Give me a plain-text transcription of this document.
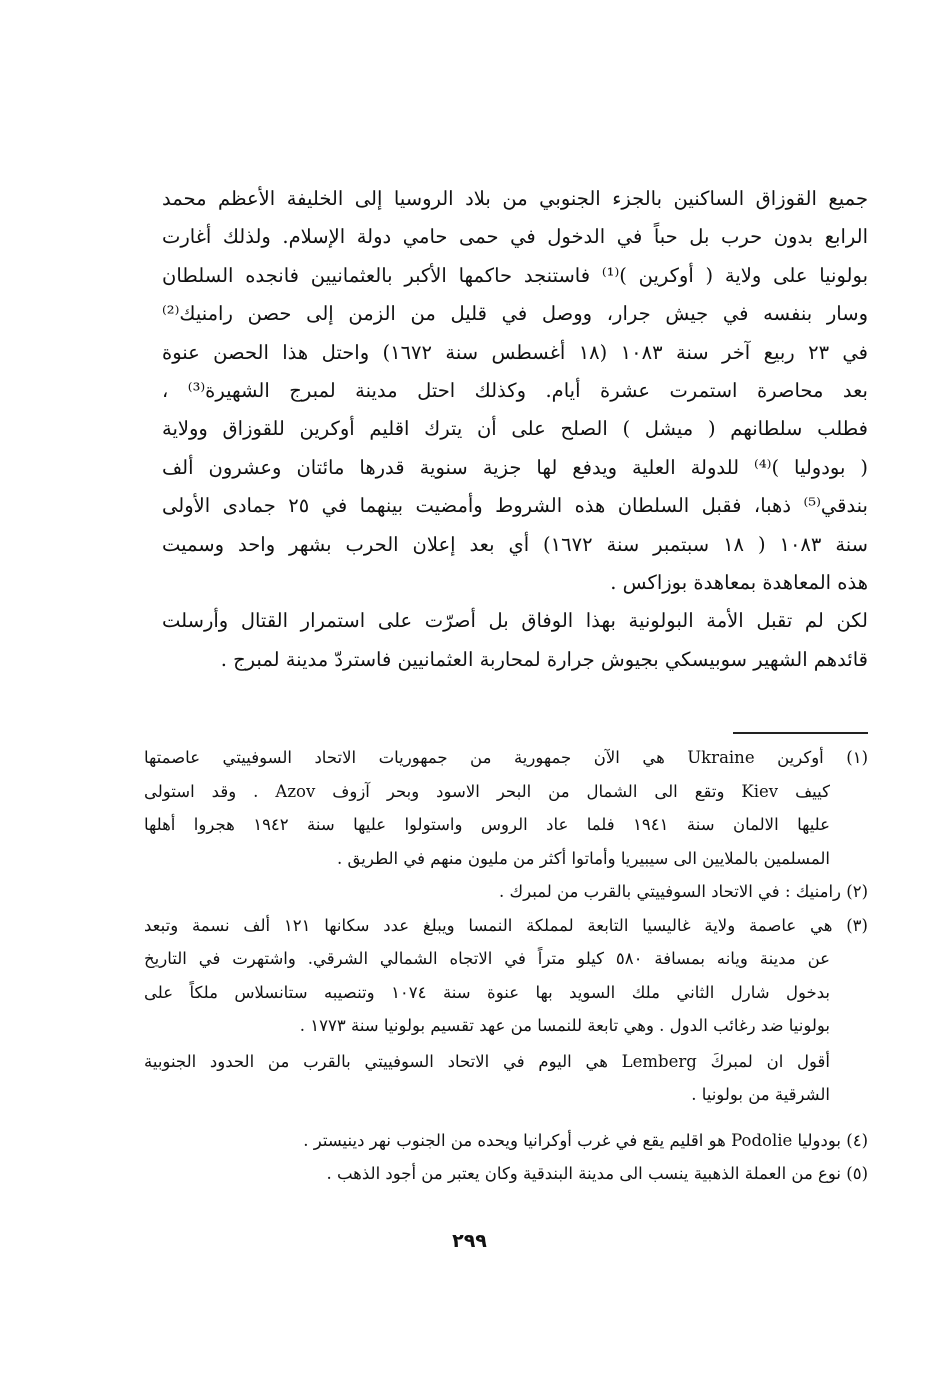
جميع القوزاق الساكنين بالجزء الجنوبي من بلاد الروسيا إلى الخليفة الأعظم محمد
الرابع بدون حرب بل حباً في الدخول في حمى حامي دولة الإسلام. ولذلك أغارت
بولونيا على ولاية ( أوكرين )⁽¹⁾ فاستنجد حاكمها الأكبر بالعثمانيين فانجده السلطان
وسار بنفسه في جيش جرار، ووصل في قليل من الزمن إلى حصن رامنيك⁽²⁾
في ٢٣ ربيع آخر سنة ١٠٨٣ (١٨ أغسطس سنة ١٦٧٢) واحتل هذا الحصن عنوة
بعد محاصرة استمرت عشرة أيام. وكذلك احتل مدينة لمبرج الشهيرة⁽³⁾ ،
فطلب سلطانهم ( ميشل ) الصلح على أن يترك اقليم أوكرين للقوزاق وولاية
( بودوليا )⁽⁴⁾ للدولة العلية ويدفع لها جزية سنوية قدرها مائتان وعشرون ألف
بندقي⁽⁵⁾ ذهبا، فقبل السلطان هذه الشروط وأمضيت بينهما في ٢٥ جمادى الأولى
سنة ١٠٨٣ ( ١٨ سبتمبر سنة ١٦٧٢) أي بعد إعلان الحرب بشهر واحد وسميت
هذه المعاهدة بمعاهدة بوزاكس .
لكن لم تقبل الأمة البولونية بهذا الوفاق بل أصرّت على استمرار القتال وأرسلت
قائدهم الشهير سوبيسكي بجيوش جرارة لمحاربة العثمانيين فاستردّ مدينة لمبرج .
(١) أوكرين Ukraine هي الآن جمهورية من جمهوريات الاتحاد السوفييتي عاصمتها
كييف Kiev وتقع الى الشمال من البحر الاسود وبحر آزوف Azov . وقد استولى
عليها الالمان سنة ١٩٤١ فلما عاد الروس واستولوا عليها سنة ١٩٤٢ هجروا أهلها
المسلمين بالملايين الى سيبيريا وأماتوا أكثر من مليون منهم في الطريق .
(٢) رامنيك : في الاتحاد السوفييتي بالقرب من لمبرك .
(٣) هي عاصمة ولاية غاليسيا التابعة لمملكة النمسا ويبلغ عدد سكانها ١٢١ ألف نسمة وتبعد
عن مدينة ويانه بمسافة ٥٨٠ كيلو متراً في الاتجاه الشمالي الشرقي. واشتهرت في التاريخ
بدخول شارل الثاني ملك السويد بها عنوة سنة ١٠٧٤ وتنصيبه ستانسلاس ملكاً على
بولونيا ضد رغائب الدول . وهي تابعة للنمسا من عهد تقسيم بولونيا سنة ١٧٧٣ .
أقول ان لمبركَ Lemberg هي اليوم في الاتحاد السوفييتي بالقرب من الحدود الجنوبية
الشرقية من بولونيا .
(٤) بودوليا Podolie هو اقليم يقع في غرب أوكرانيا ويحده من الجنوب نهر دينيستر .
(٥) نوع من العملة الذهبية ينسب الى مدينة البندقية وكان يعتبر من أجود الذهب .
٢٩٩
